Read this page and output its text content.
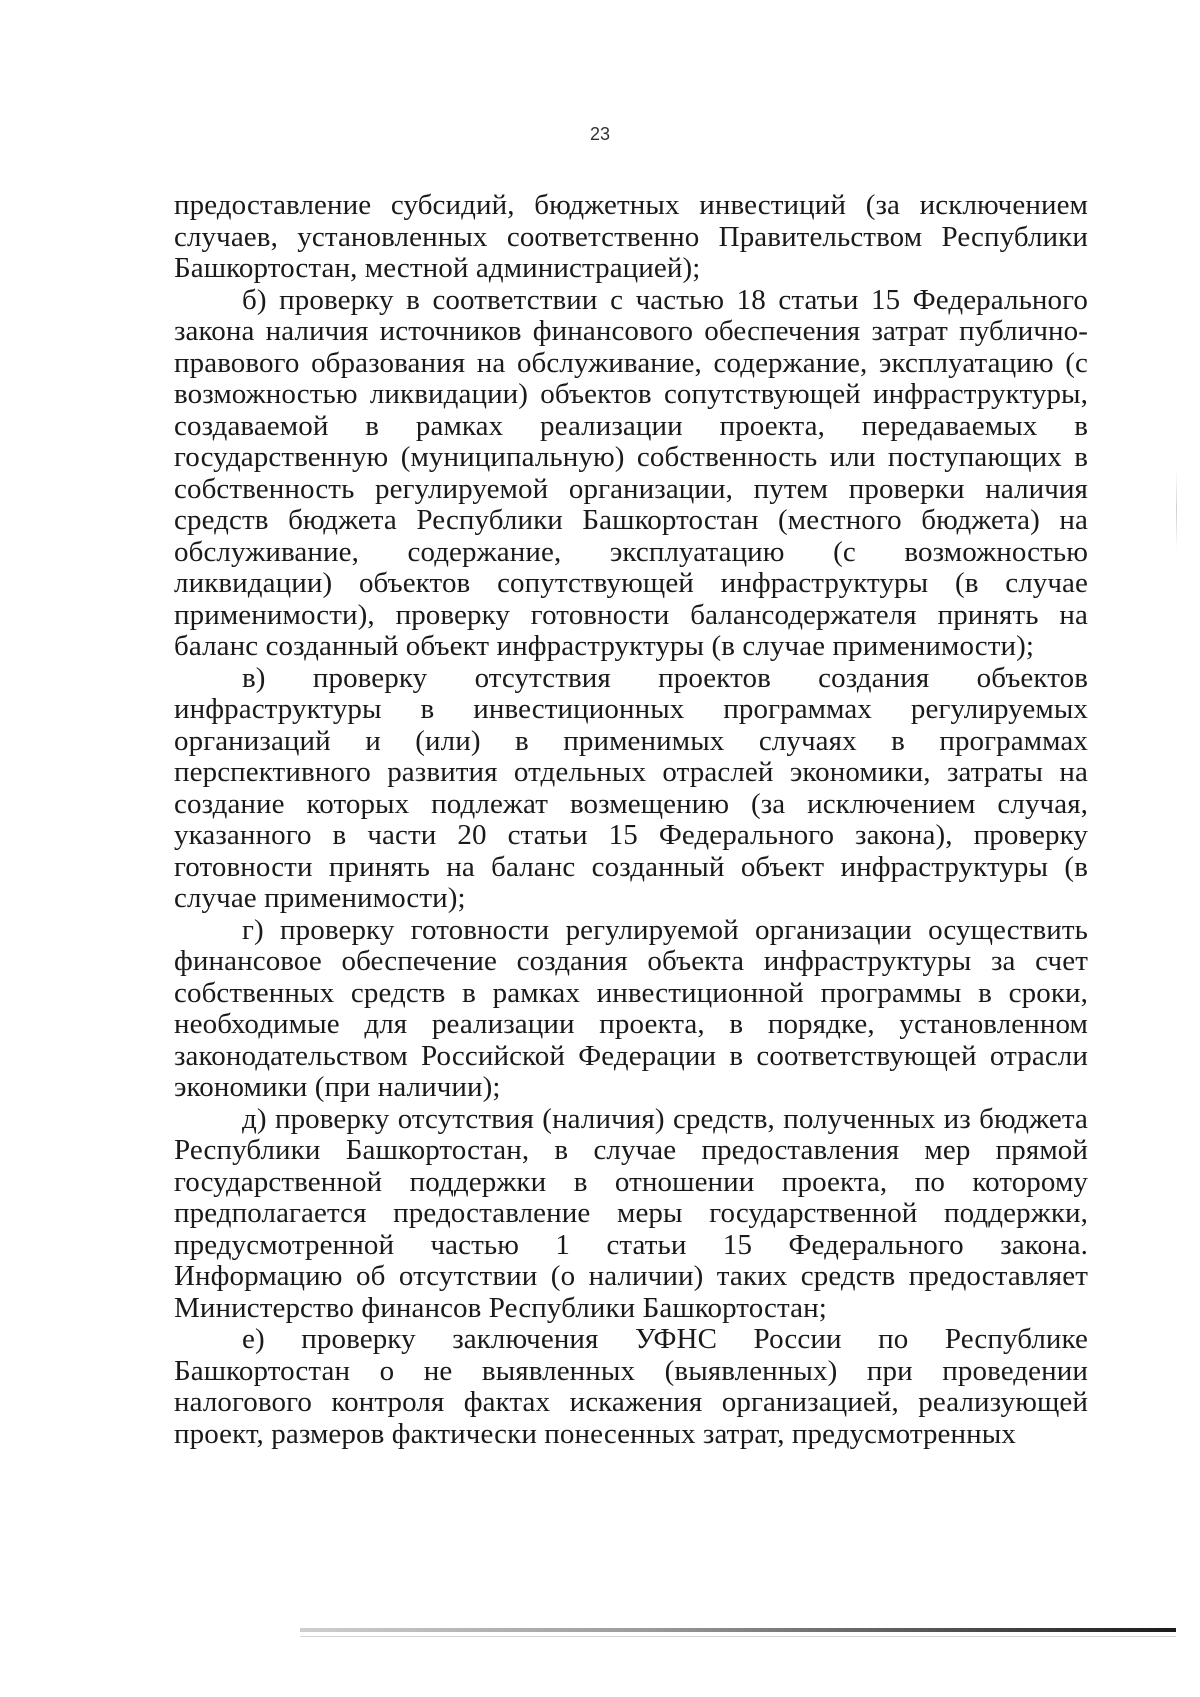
23

предоставление субсидий, бюджетных инвестиций (за исключением случаев, установленных соответственно Правительством Республики Башкортостан, местной администрацией);

б) проверку в соответствии с частью 18 статьи 15 Федерального закона наличия источников финансового обеспечения затрат публично-правового образования на обслуживание, содержание, эксплуатацию (с возможностью ликвидации) объектов сопутствующей инфраструктуры, создаваемой в рамках реализации проекта, передаваемых в государственную (муниципальную) собственность или поступающих в собственность регулируемой организации, путем проверки наличия средств бюджета Республики Башкортостан (местного бюджета) на обслуживание, содержание, эксплуатацию (с возможностью ликвидации) объектов сопутствующей инфраструктуры (в случае применимости), проверку готовности балансодержателя принять на баланс созданный объект инфраструктуры (в случае применимости);

в) проверку отсутствия проектов создания объектов инфраструктуры в инвестиционных программах регулируемых организаций и (или) в применимых случаях в программах перспективного развития отдельных отраслей экономики, затраты на создание которых подлежат возмещению (за исключением случая, указанного в части 20 статьи 15 Федерального закона), проверку готовности принять на баланс созданный объект инфраструктуры (в случае применимости);

г) проверку готовности регулируемой организации осуществить финансовое обеспечение создания объекта инфраструктуры за счет собственных средств в рамках инвестиционной программы в сроки, необходимые для реализации проекта, в порядке, установленном законодательством Российской Федерации в соответствующей отрасли экономики (при наличии);

д) проверку отсутствия (наличия) средств, полученных из бюджета Республики Башкортостан, в случае предоставления мер прямой государственной поддержки в отношении проекта, по которому предполагается предоставление меры государственной поддержки, предусмотренной частью 1 статьи 15 Федерального закона. Информацию об отсутствии (о наличии) таких средств предоставляет Министерство финансов Республики Башкортостан;

е) проверку заключения УФНС России по Республике Башкортостан о не выявленных (выявленных) при проведении налогового контроля фактах искажения организацией, реализующей проект, размеров фактически понесенных затрат, предусмотренных
